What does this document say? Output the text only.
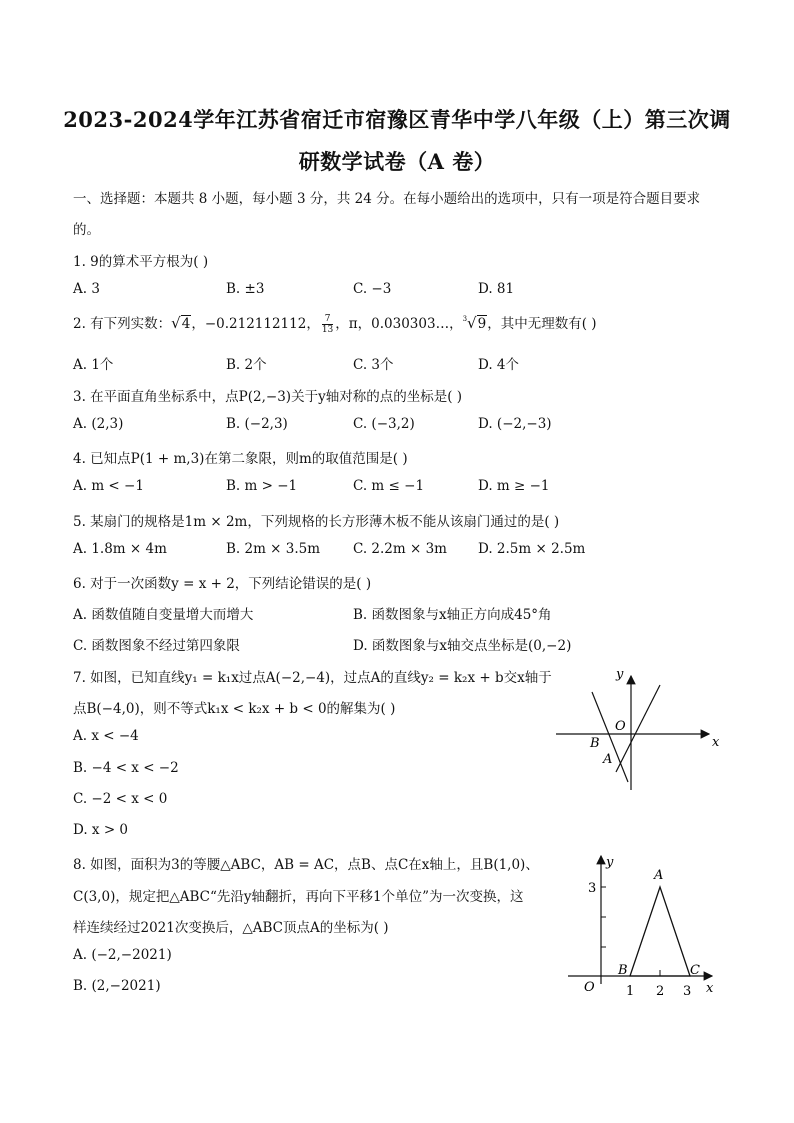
2023-2024学年江苏省宿迁市宿豫区青华中学八年级（上）第三次调
研数学试卷（A 卷）
一、选择题：本题共 8 小题，每小题 3 分，共 24 分。在每小题给出的选项中，只有一项是符合题目要求
的。
1. 9的算术平方根为( )
A. 3	B. ±3	C. −3	D. 81
2. 有下列实数：√4，−0.212112112， $\frac{7}{13}$ ，π，0.030303…，$^3$√9，其中无理数有( )
A. 1个	B. 2个	C. 3个	D. 4个
3. 在平面直角坐标系中，点P(2,−3)关于y轴对称的点的坐标是( )
A. (2,3)	B. (−2,3)	C. (−3,2)	D. (−2,−3)
4. 已知点P(1 + m,3)在第二象限，则m的取值范围是( )
A. m < −1	B. m > −1	C. m ≤ −1	D. m ≥ −1
5. 某扇门的规格是1m × 2m，下列规格的长方形薄木板不能从该扇门通过的是( )
A. 1.8m × 4m	B. 2m × 3.5m C. 2.2m × 3m D. 2.5m × 2.5m
6. 对于一次函数y = x + 2，下列结论错误的是( )
A. 函数值随自变量增大而增大	B. 函数图象与x轴正方向成45°角
C. 函数图象不经过第四象限	D. 函数图象与x轴交点坐标是(0,−2)
7. 如图，已知直线y₁ = k₁x过点A(−2,−4)，过点A的直线y₂ = k₂x + b交x轴于
点B(−4,0)，则不等式k₁x < k₂x + b < 0的解集为( )
A. x < −4
B. −4 < x < −2
C. −2 < x < 0
D. x > 0
y
x
O
B
A
8. 如图，面积为3的等腰△ABC，AB = AC，点B、点C在x轴上，且B(1,0)、
C(3,0)，规定把△ABC“先沿y轴翻折，再向下平移1个单位”为一次变换，这
样连续经过2021次变换后，△ABC顶点A的坐标为( )
A. (−2,−2021)
B. (2,−2021)
y
x
O
A
B	C
3
1 2 3
